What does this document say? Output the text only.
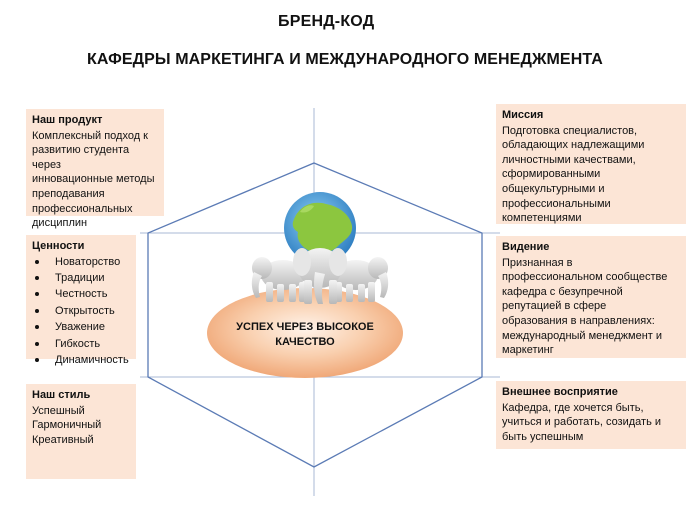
БРЕНД-КОД
КАФЕДРЫ МАРКЕТИНГА И МЕЖДУНАРОДНОГО МЕНЕДЖМЕНТА
УСПЕХ ЧЕРЕЗ ВЫСОКОЕ
КАЧЕСТВО
Наш продукт
Комплексный подход к
развитию студента через
инновационные методы
преподавания
профессиональных
дисциплин
Ценности
Новаторство
Традиции
Честность
Открытость
Уважение
Гибкость
Динамичность
Наш стиль
Успешный
Гармоничный
Креативный
Миссия
Подготовка специалистов,
обладающих надлежащими
личностными качествами,
сформированными
общекультурными и
профессиональными
компетенциями
Видение
Признанная в
профессиональном сообществе
кафедра с безупречной
репутацией в сфере
образования в направлениях:
международный менеджмент и
маркетинг
Внешнее восприятие
Кафедра, где хочется быть,
учиться и работать, созидать и
быть успешным
